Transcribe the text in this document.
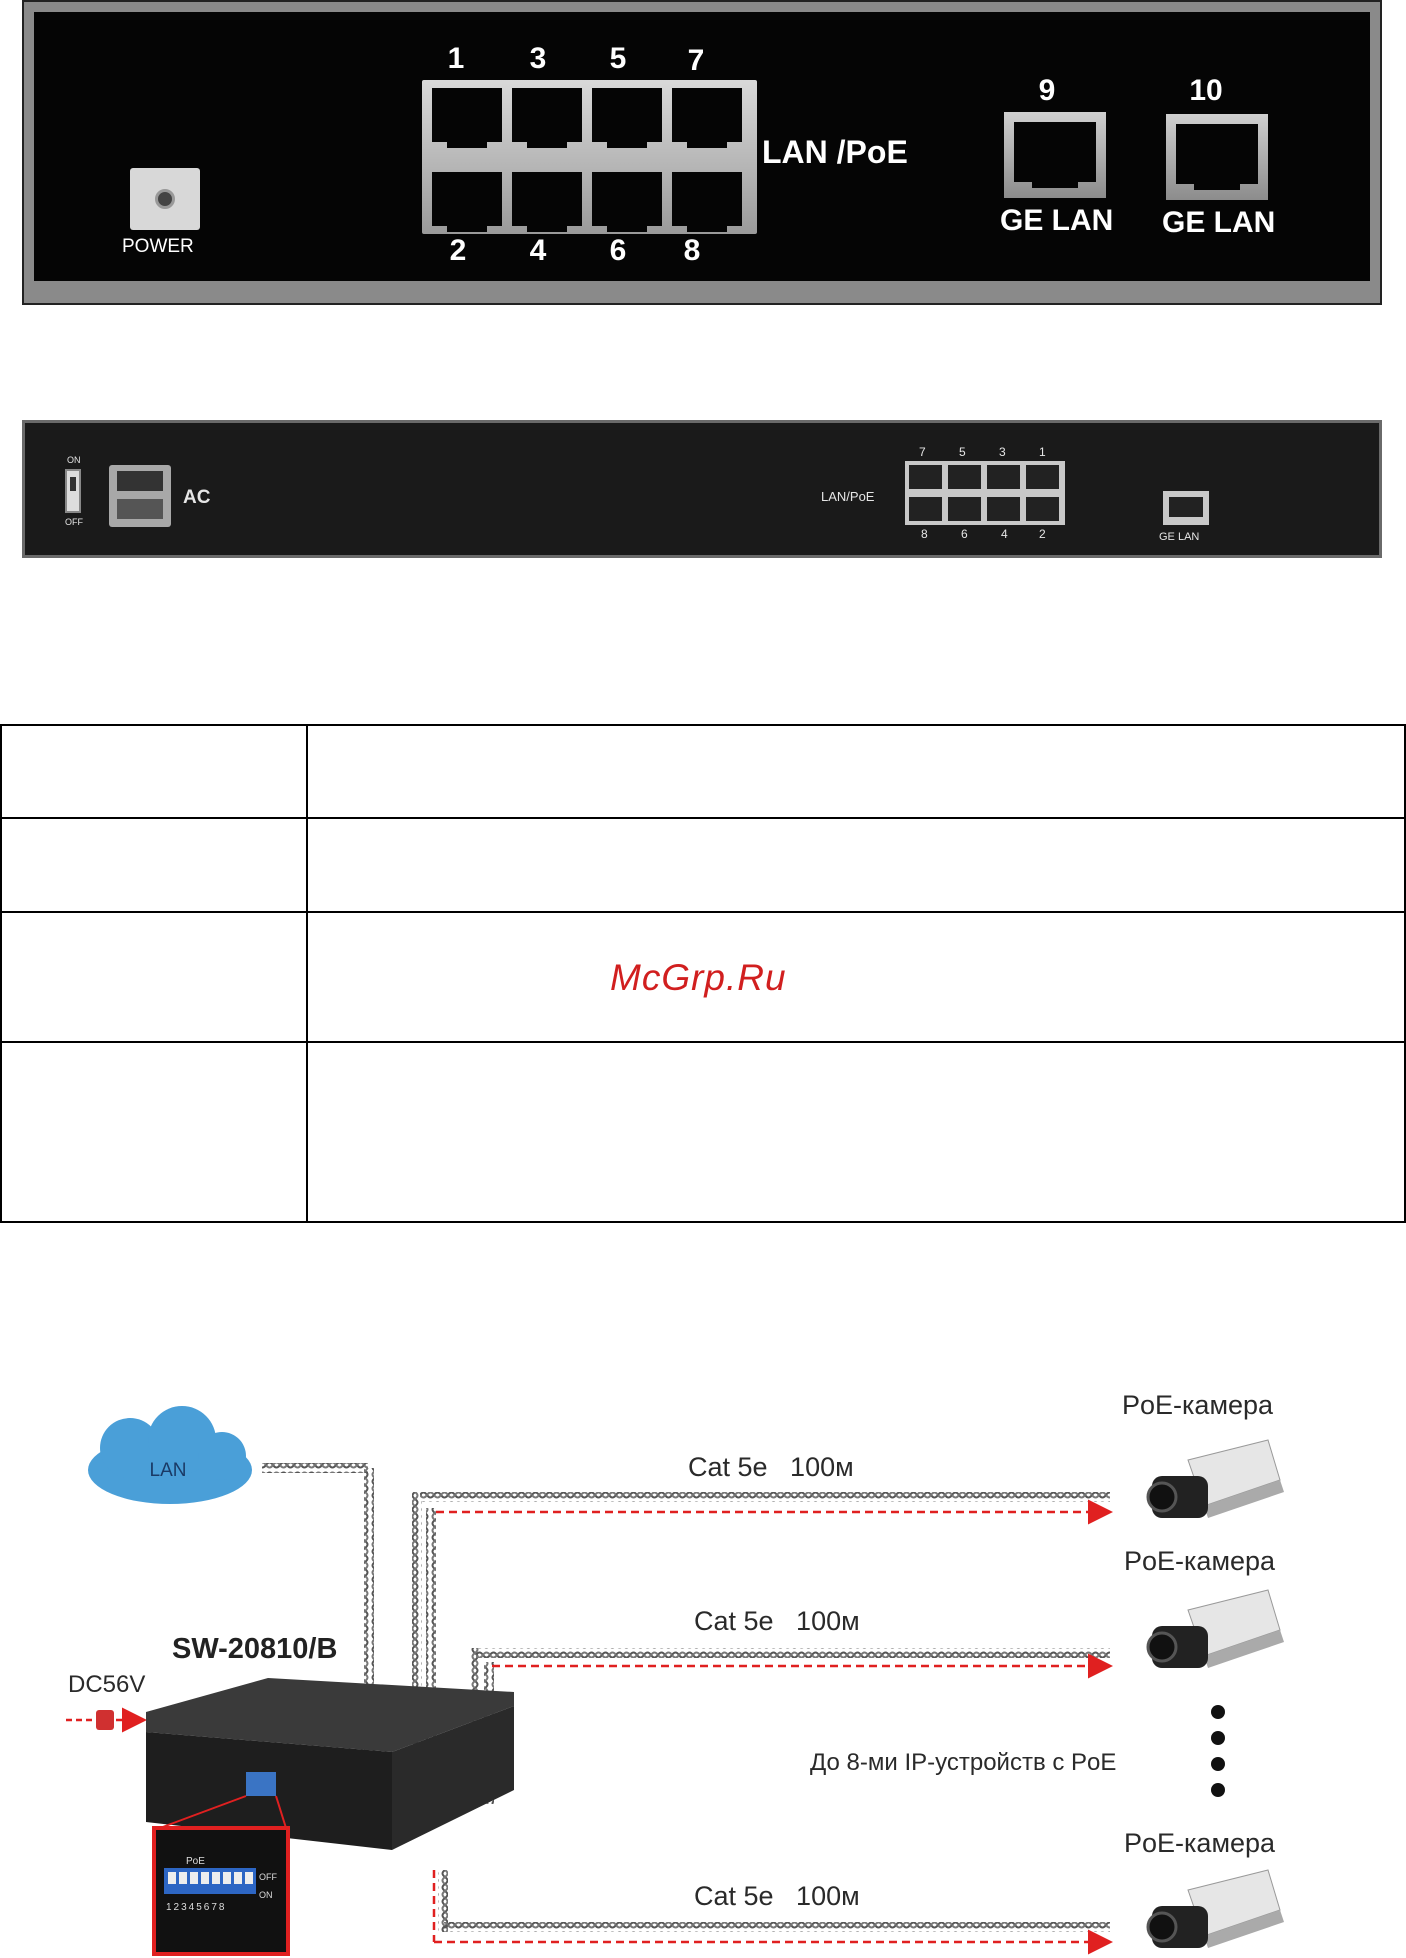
POWER
1	3	5	7
2	4	6	8
LAN /PoE
9
GE LAN
10
GE LAN
ON
OFF
AC	LAN/PoE
7	5	3	1
8	6	4	2	GE LAN

McGrp.Ru
LAN	Cat 5e   100м
Cat 5e   100м
Cat 5e   100м
SW-20810/B
DC56V
PoE
OFF
ON
12345678
PoE-камера
PoE-камера
До 8-ми IP-устройств с PoE
PoE-камера
